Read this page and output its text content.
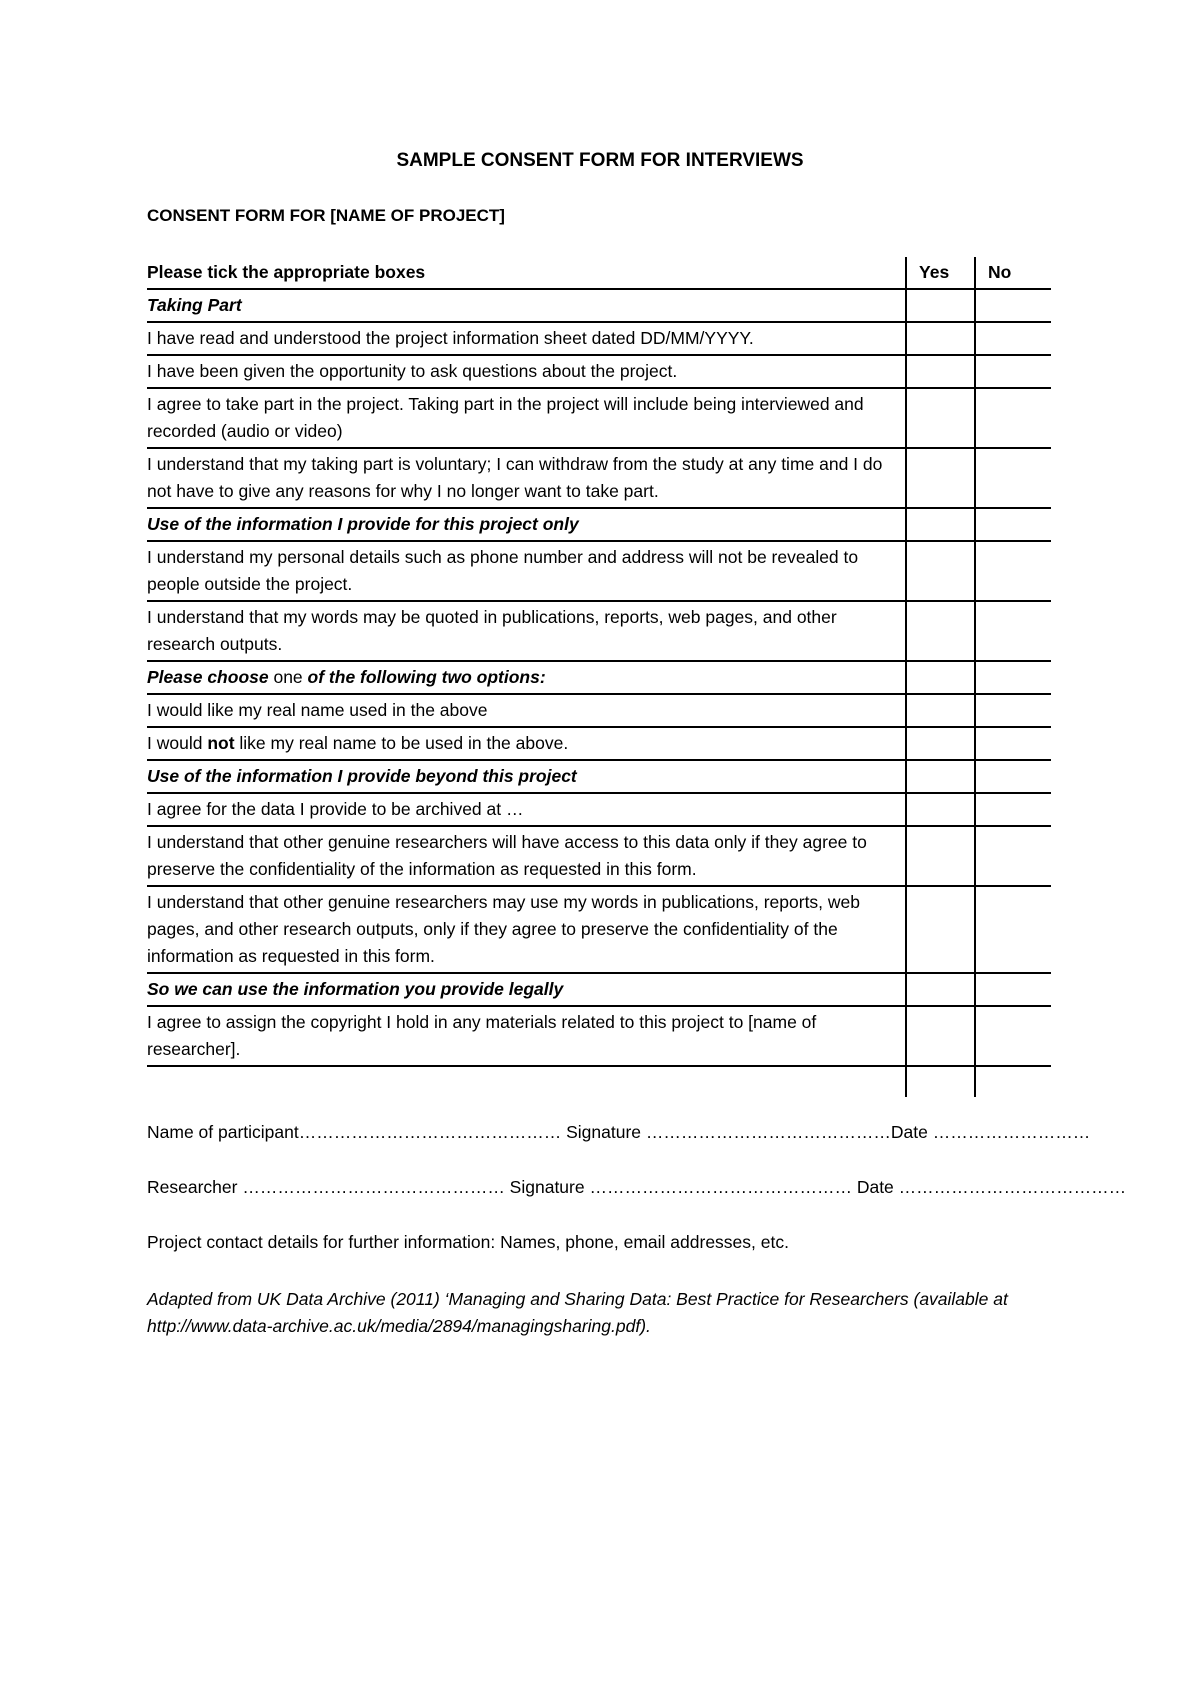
SAMPLE CONSENT FORM FOR INTERVIEWS
CONSENT FORM FOR [NAME OF PROJECT]
Please tick the appropriate boxes	Yes	No
Taking Part		
I have read and understood the project information sheet dated DD/MM/YYYY.		
I have been given the opportunity to ask questions about the project.		
I agree to take part in the project. Taking part in the project will include being interviewed and recorded (audio or video)		
I understand that my taking part is voluntary; I can withdraw from the study at any time and I do not have to give any reasons for why I no longer want to take part.		
Use of the information I provide for this project only		
I understand my personal details such as phone number and address will not be revealed to people outside the project.		
I understand that my words may be quoted in publications, reports, web pages, and other research outputs.		
Please choose one of the following two options:		
I would like my real name used in the above		
I would not like my real name to be used in the above.		
Use of the information I provide beyond this project		
I agree for the data I provide to be archived at …		
I understand that other genuine researchers will have access to this data only if they agree to preserve the confidentiality of the information as requested in this form.		
I understand that other genuine researchers may use my words in publications, reports, web pages, and other research outputs, only if they agree to preserve the confidentiality of the information as requested in this form.		
So we can use the information you provide legally		
I agree to assign the copyright I hold in any materials related to this project to [name of researcher].		

Name of participant……………………………………… Signature ……………………………………Date ………………………
Researcher ……………………………………… Signature ……………………………………… Date …………………………………
Project contact details for further information: Names, phone, email addresses, etc.
Adapted from UK Data Archive (2011) ‘Managing and Sharing Data: Best Practice for Researchers (available at http://www.data-archive.ac.uk/media/2894/managingsharing.pdf).
